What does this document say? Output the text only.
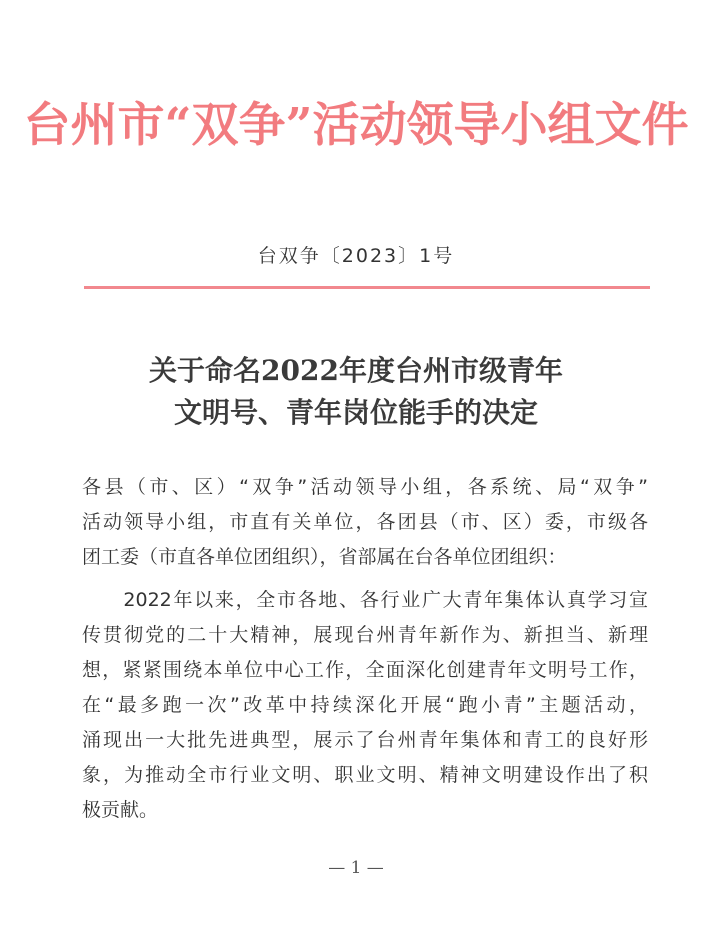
台州市“双争”活动领导小组文件
台双争〔2023〕1号
关于命名2022年度台州市级青年
文明号、青年岗位能手的决定
各县（市、区）“双争”活动领导小组，各系统、局“双争”
活动领导小组，市直有关单位，各团县（市、区）委，市级各
团工委（市直各单位团组织），省部属在台各单位团组织：
　　2022年以来，全市各地、各行业广大青年集体认真学习宣
传贯彻党的二十大精神，展现台州青年新作为、新担当、新理
想，紧紧围绕本单位中心工作，全面深化创建青年文明号工作，
在“最多跑一次”改革中持续深化开展“跑小青”主题活动，
涌现出一大批先进典型，展示了台州青年集体和青工的良好形
象，为推动全市行业文明、职业文明、精神文明建设作出了积
极贡献。
— 1 —
